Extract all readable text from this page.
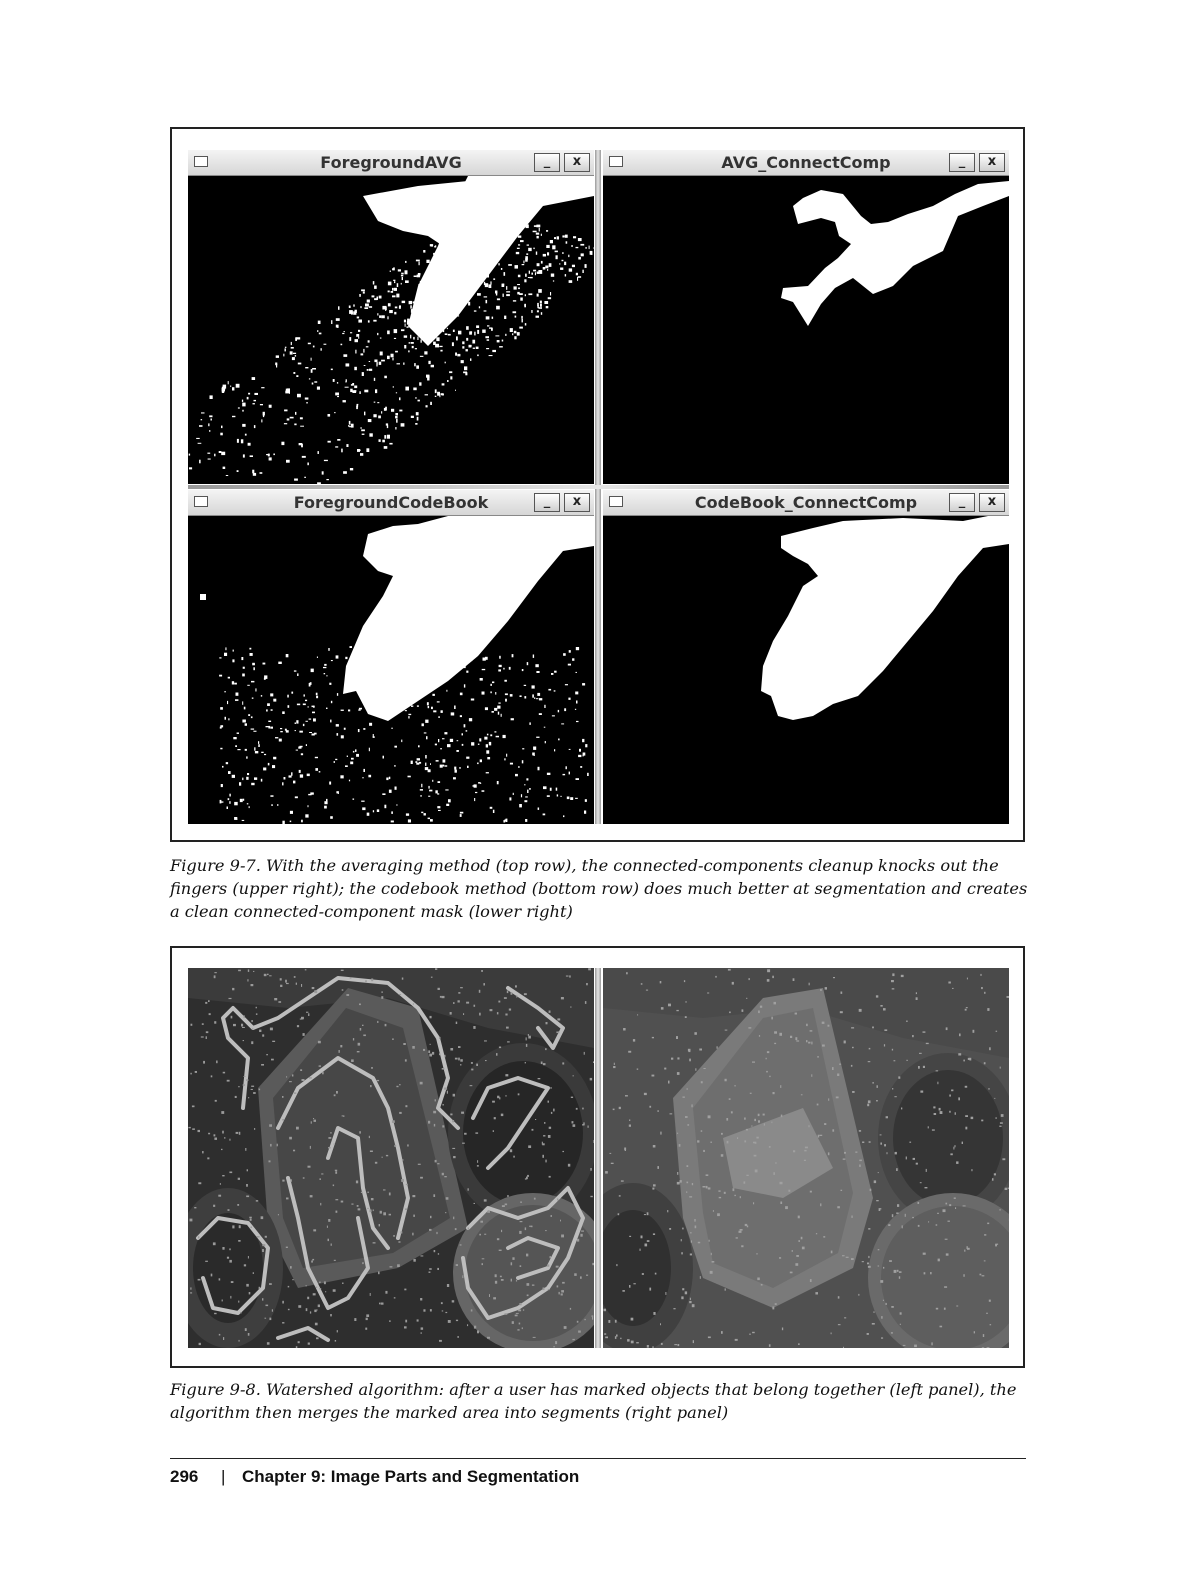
ForegroundAVG	_	x	AVG_ConnectComp	_	x
ForegroundCodeBook	_	x	CodeBook_ConnectComp	_	x

Figure 9-7. With the averaging method (top row), the connected-components cleanup knocks out the fingers (upper right); the codebook method (bottom row) does much better at segmentation and creates a clean connected-component mask (lower right)

Figure 9-8. Watershed algorithm: after a user has marked objects that belong together (left panel), the algorithm then merges the marked area into segments (right panel)

296 | Chapter 9: Image Parts and Segmentation
